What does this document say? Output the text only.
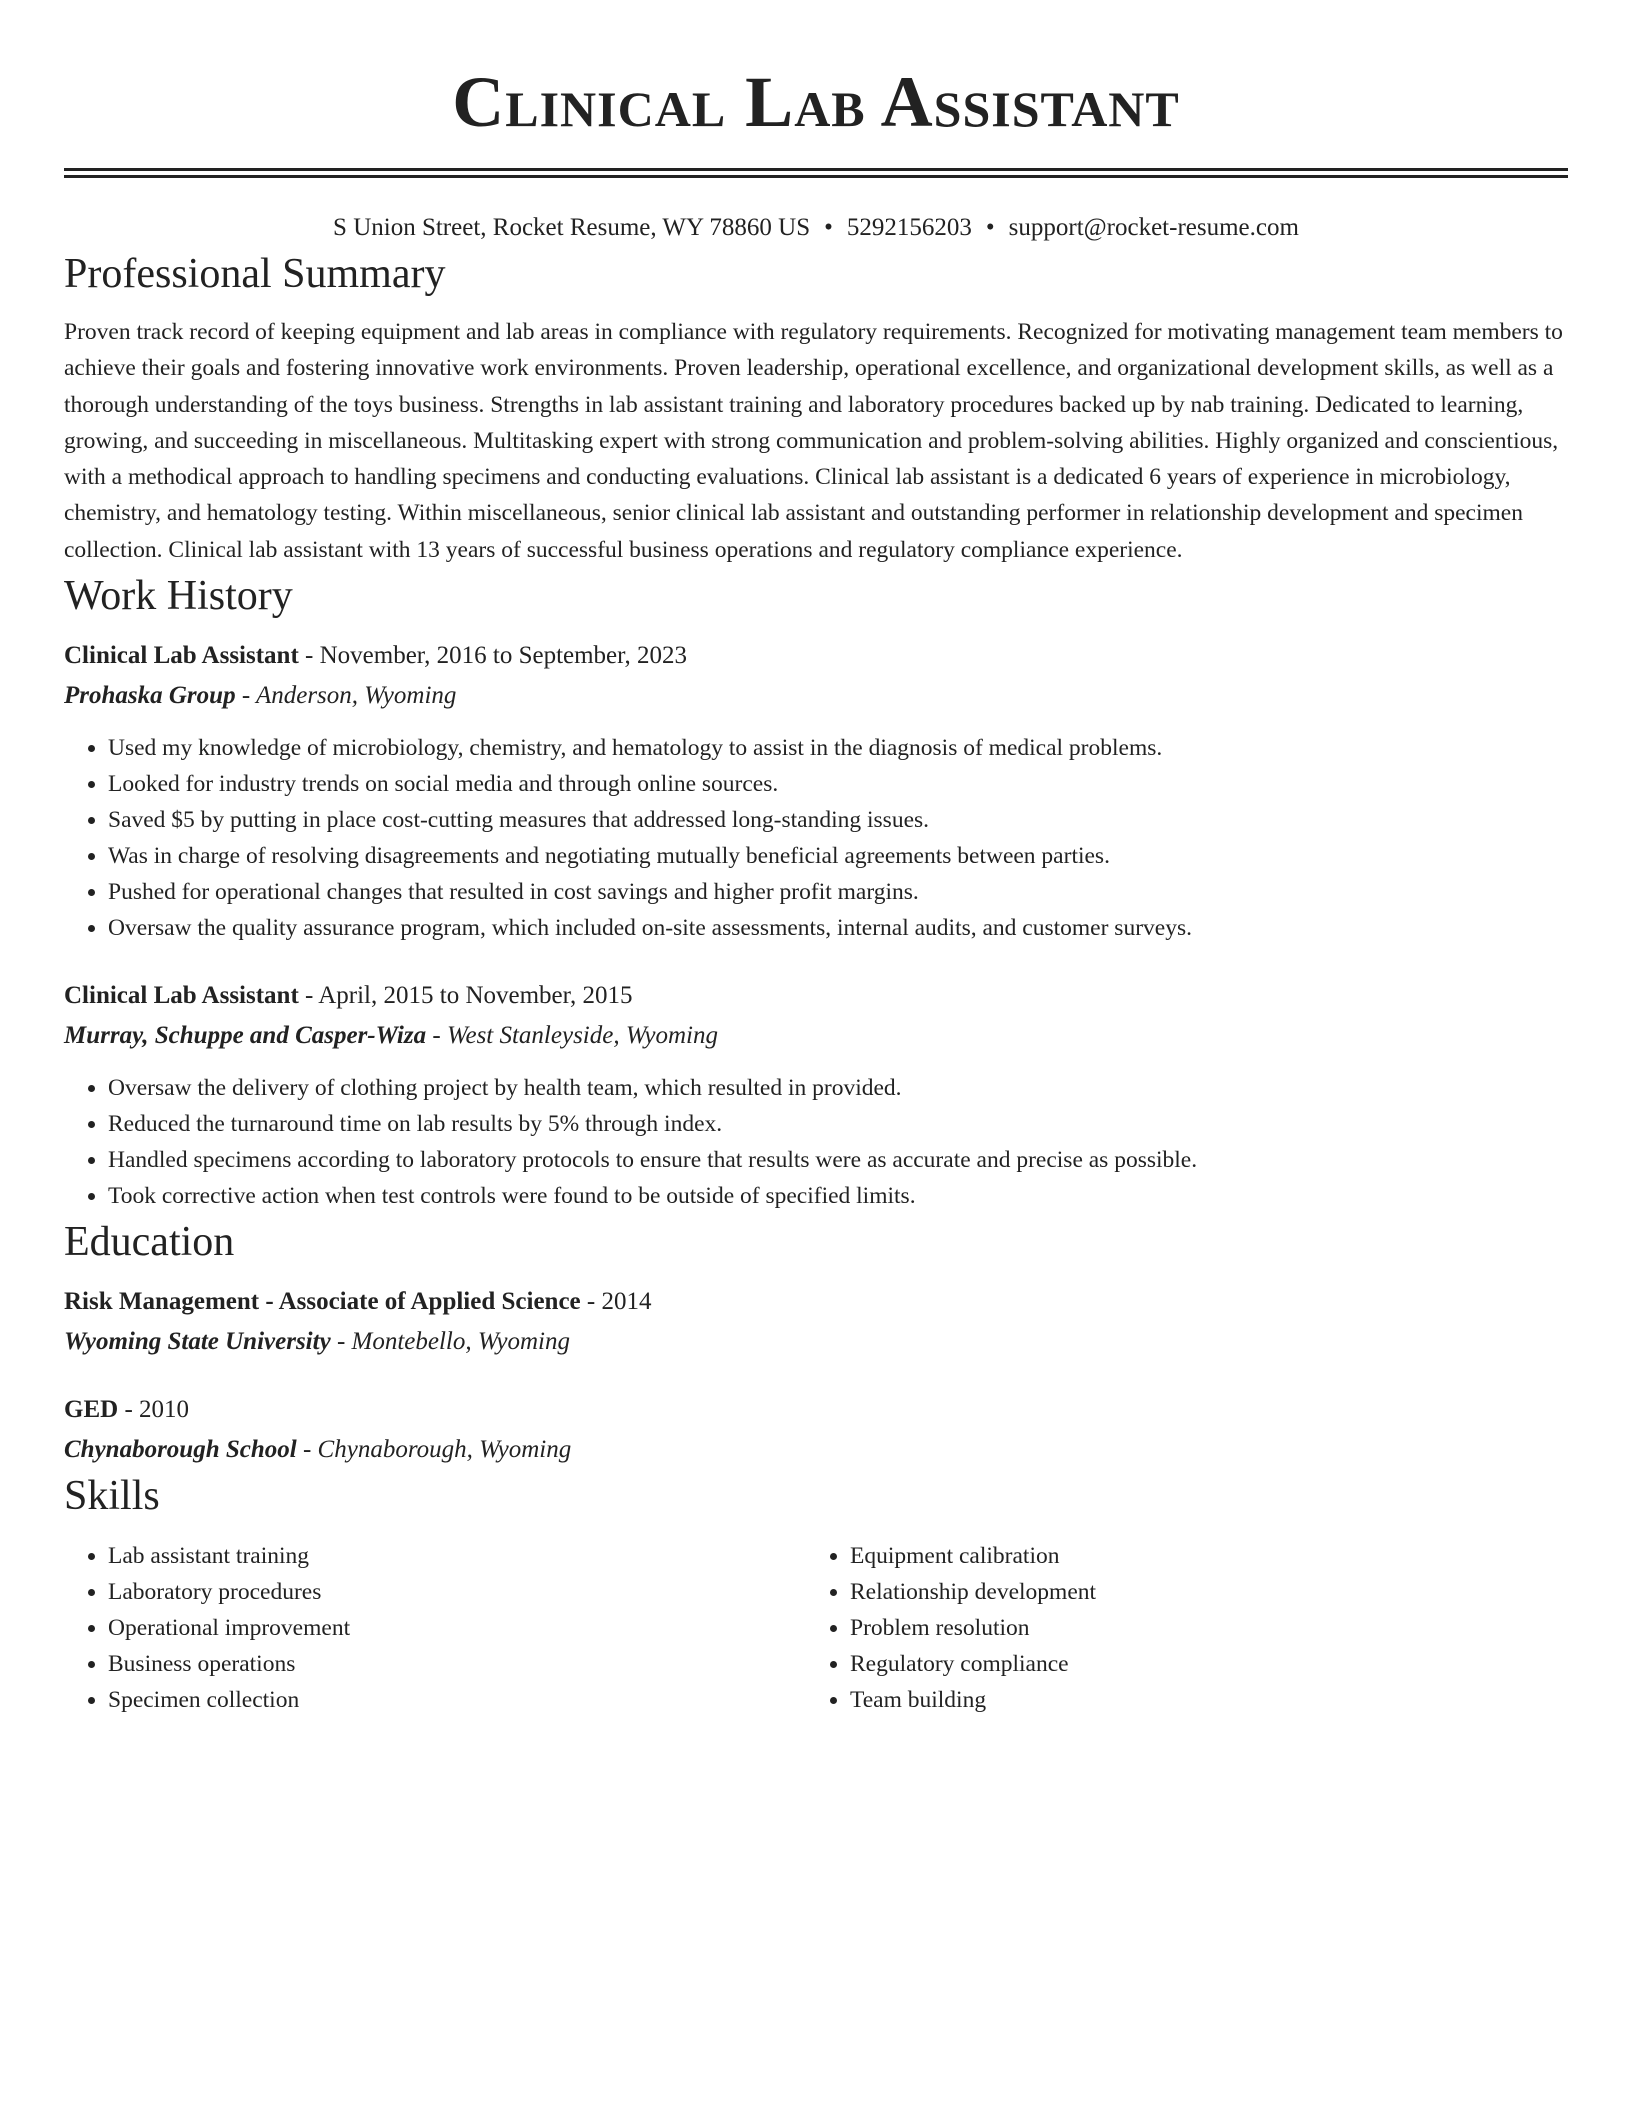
Clinical Lab Assistant
S Union Street, Rocket Resume, WY 78860 US • 5292156203 • support@rocket-resume.com
Professional Summary

Proven track record of keeping equipment and lab areas in compliance with regulatory requirements. Recognized for motivating management team members to achieve their goals and fostering innovative work environments. Proven leadership, operational excellence, and organizational development skills, as well as a thorough understanding of the toys business. Strengths in lab assistant training and laboratory procedures backed up by nab training. Dedicated to learning, growing, and succeeding in miscellaneous. Multitasking expert with strong communication and problem-solving abilities. Highly organized and conscientious, with a methodical approach to handling specimens and conducting evaluations. Clinical lab assistant is a dedicated 6 years of experience in microbiology, chemistry, and hematology testing. Within miscellaneous, senior clinical lab assistant and outstanding performer in relationship development and specimen collection. Clinical lab assistant with 13 years of successful business operations and regulatory compliance experience.

Work History
Clinical Lab Assistant - November, 2016 to September, 2023
Prohaska Group - Anderson, Wyoming
• Used my knowledge of microbiology, chemistry, and hematology to assist in the diagnosis of medical problems.
• Looked for industry trends on social media and through online sources.
• Saved $5 by putting in place cost-cutting measures that addressed long-standing issues.
• Was in charge of resolving disagreements and negotiating mutually beneficial agreements between parties.
• Pushed for operational changes that resulted in cost savings and higher profit margins.
• Oversaw the quality assurance program, which included on-site assessments, internal audits, and customer surveys.
Clinical Lab Assistant - April, 2015 to November, 2015
Murray, Schuppe and Casper-Wiza - West Stanleyside, Wyoming
• Oversaw the delivery of clothing project by health team, which resulted in provided.
• Reduced the turnaround time on lab results by 5% through index.
• Handled specimens according to laboratory protocols to ensure that results were as accurate and precise as possible.
• Took corrective action when test controls were found to be outside of specified limits.
Education
Risk Management - Associate of Applied Science - 2014
Wyoming State University - Montebello, Wyoming
GED - 2010
Chynaborough School - Chynaborough, Wyoming
Skills
• Lab assistant training
• Laboratory procedures
• Operational improvement
• Business operations
• Specimen collection
• Equipment calibration
• Relationship development
• Problem resolution
• Regulatory compliance
• Team building
